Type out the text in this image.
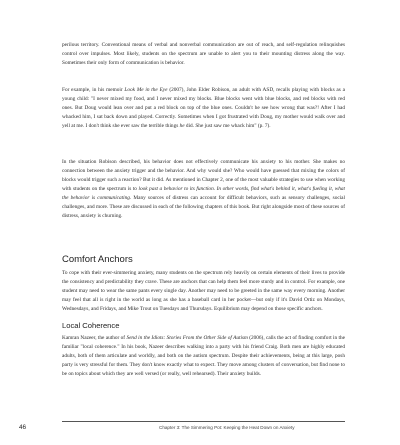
perilous territory. Conventional means of verbal and nonverbal communication are out of reach, and self-regulation relinquishes control over impulses. Most likely, students on the spectrum are unable to alert you to their mounting distress along the way. Sometimes their only form of communication is behavior.
For example, in his memoir Look Me in the Eye (2007), John Elder Robison, an adult with ASD, recalls playing with blocks as a young child: "I never mixed my food, and I never mixed my blocks. Blue blocks went with blue blocks, and red blocks with red ones. But Doug would lean over and put a red block on top of the blue ones. Couldn't he see how wrong that was?! After I had whacked him, I sat back down and played. Correctly. Sometimes when I got frustrated with Doug, my mother would walk over and yell at me. I don't think she ever saw the terrible things he did. She just saw me whack him" (p. 7).
In the situation Robison described, his behavior does not effectively communicate his anxiety to his mother. She makes no connection between the anxiety trigger and the behavior. And why would she? Who would have guessed that mixing the colors of blocks would trigger such a reaction? But it did. As mentioned in Chapter 2, one of the most valuable strategies to use when working with students on the spectrum is to look past a behavior to its function. In other words, find what's behind it, what's fueling it, what the behavior is communicating. Many sources of distress can account for difficult behaviors, such as sensory challenges, social challenges, and more. These are discussed in each of the following chapters of this book. But right alongside most of these sources of distress, anxiety is churning.
Comfort Anchors
To cope with their ever-simmering anxiety, many students on the spectrum rely heavily on certain elements of their lives to provide the consistency and predictability they crave. These are anchors that can help them feel more sturdy and in control. For example, one student may need to wear the same pants every single day. Another may need to be greeted in the same way every morning. Another may feel that all is right in the world as long as she has a baseball card in her pocket—but only if it's David Ortiz on Mondays, Wednesdays, and Fridays, and Mike Trout on Tuesdays and Thursdays. Equilibrium may depend on those specific anchors.
Local Coherence
Kamran Nazeer, the author of Send in the Idiots: Stories From the Other Side of Autism (2006), calls the act of finding comfort in the familiar "local coherence." In his book, Nazeer describes walking into a party with his friend Craig. Both men are highly educated adults, both of them articulate and worldly, and both on the autism spectrum. Despite their achievements, being at this large, posh party is very stressful for them. They don't know exactly what to expect. They move among clusters of conversation, but find none to be on topics about which they are well versed (or really, well rehearsed). Their anxiety builds.
46	Chapter 3: The Simmering Pot: Keeping the Heat Down on Anxiety
